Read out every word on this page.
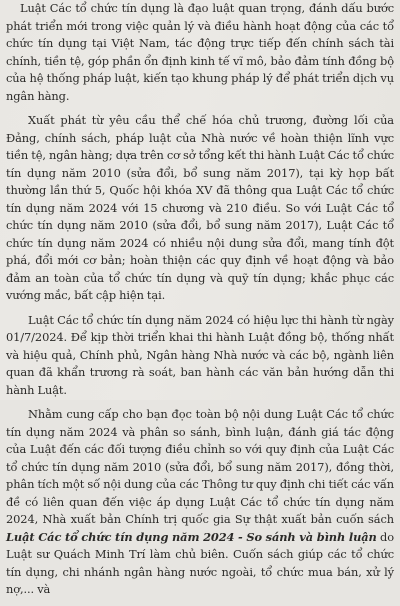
Luật Các tổ chức tín dụng là đạo luật quan trọng, đánh dấu bước phát triển mới trong việc quản lý và điều hành hoạt động của các tổ chức tín dụng tại Việt Nam, tác động trực tiếp đến chính sách tài chính, tiền tệ, góp phần ổn định kinh tế vĩ mô, bảo đảm tính đồng bộ của hệ thống pháp luật, kiến tạo khung pháp lý để phát triển dịch vụ ngân hàng.

Xuất phát từ yêu cầu thể chế hóa chủ trương, đường lối của Đảng, chính sách, pháp luật của Nhà nước về hoàn thiện lĩnh vực tiền tệ, ngân hàng; dựa trên cơ sở tổng kết thi hành Luật Các tổ chức tín dụng năm 2010 (sửa đổi, bổ sung năm 2017), tại kỳ họp bất thường lần thứ 5, Quốc hội khóa XV đã thông qua Luật Các tổ chức tín dụng năm 2024 với 15 chương và 210 điều. So với Luật Các tổ chức tín dụng năm 2010 (sửa đổi, bổ sung năm 2017), Luật Các tổ chức tín dụng năm 2024 có nhiều nội dung sửa đổi, mang tính đột phá, đổi mới cơ bản; hoàn thiện các quy định về hoạt động và bảo đảm an toàn của tổ chức tín dụng và quỹ tín dụng; khắc phục các vướng mắc, bất cập hiện tại.

Luật Các tổ chức tín dụng năm 2024 có hiệu lực thi hành từ ngày 01/7/2024. Để kịp thời triển khai thi hành Luật đồng bộ, thống nhất và hiệu quả, Chính phủ, Ngân hàng Nhà nước và các bộ, ngành liên quan đã khẩn trương rà soát, ban hành các văn bản hướng dẫn thi hành Luật.

Nhằm cung cấp cho bạn đọc toàn bộ nội dung Luật Các tổ chức tín dụng năm 2024 và phân so sánh, bình luận, đánh giá tác động của Luật đến các đối tượng điều chỉnh so với quy định của Luật Các tổ chức tín dụng năm 2010 (sửa đổi, bổ sung năm 2017), đồng thời, phân tích một số nội dung của các Thông tư quy định chi tiết các vấn đề có liên quan đến việc áp dụng Luật Các tổ chức tín dụng năm 2024, Nhà xuất bản Chính trị quốc gia Sự thật xuất bản cuốn sách Luật Các tổ chức tín dụng năm 2024 - So sánh và bình luận do Luật sư Quách Minh Trí làm chủ biên. Cuốn sách giúp các tổ chức tín dụng, chi nhánh ngân hàng nước ngoài, tổ chức mua bán, xử lý nợ,... và
